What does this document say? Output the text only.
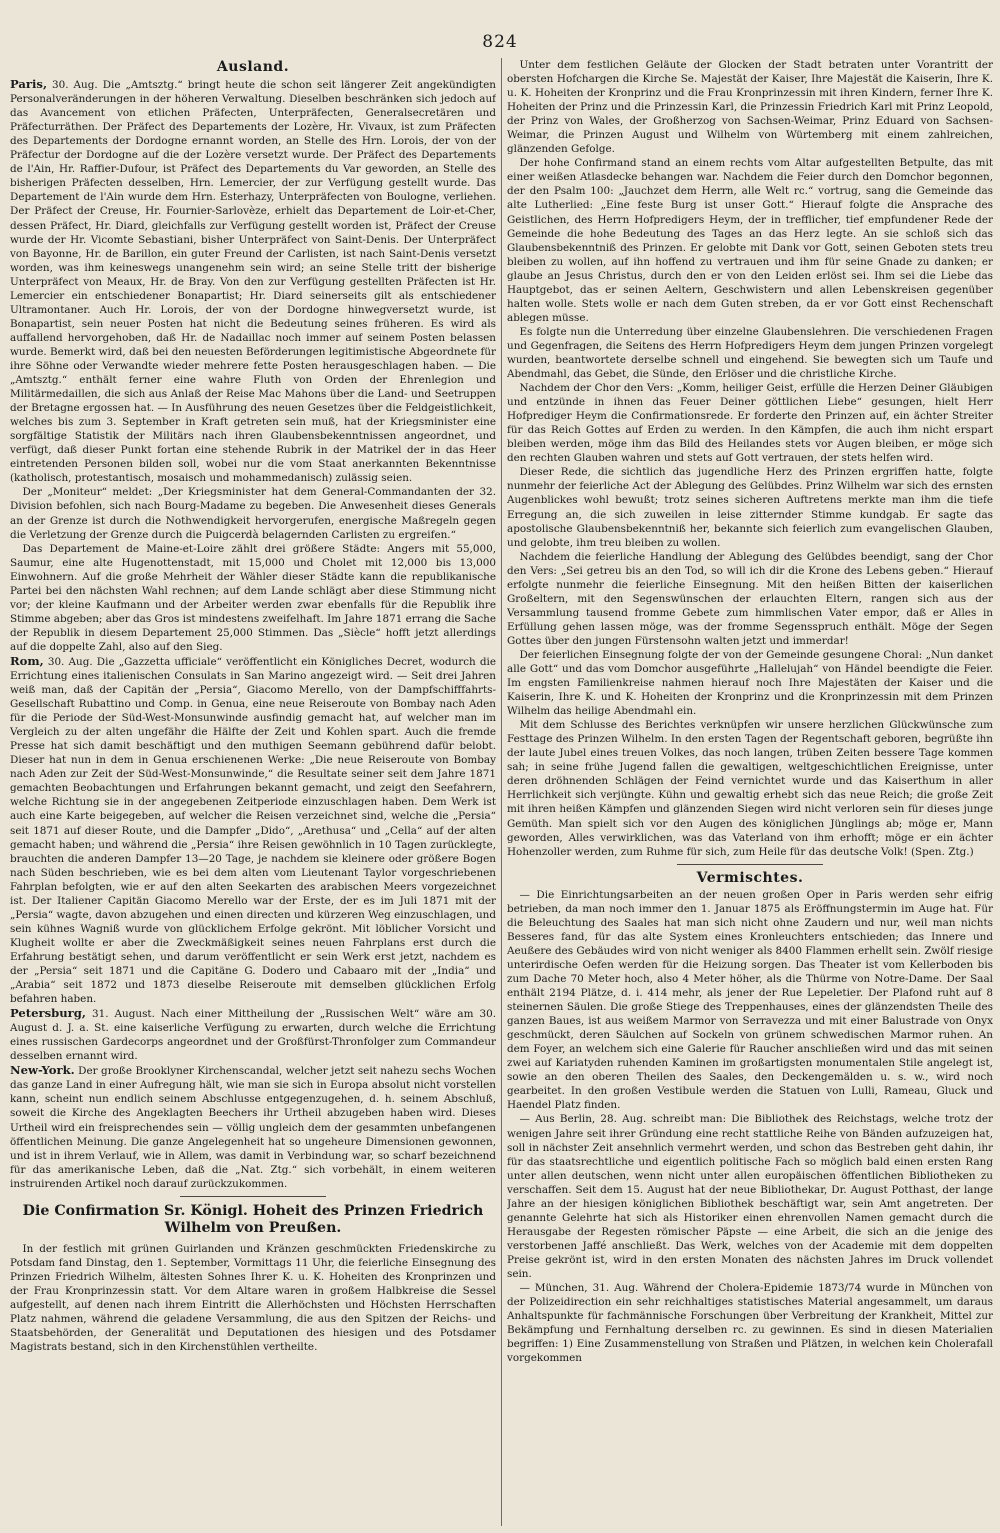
824
Ausland.

Paris, 30. Aug. Die „Amtsztg.“ bringt heute die schon seit längerer Zeit angekündigten Personalveränderungen in der höheren Verwaltung. Dieselben beschränken sich jedoch auf das Avancement von etlichen Präfecten, Unterpräfecten, Generalsecretären und Präfecturräthen. Der Präfect des Departements der Lozère, Hr. Vivaux, ist zum Präfecten des Departements der Dordogne ernannt worden, an Stelle des Hrn. Lorois, der von der Präfectur der Dordogne auf die der Lozère versetzt wurde. Der Präfect des Departements de l'Ain, Hr. Raffier-Dufour, ist Präfect des Departements du Var geworden, an Stelle des bisherigen Präfecten desselben, Hrn. Lemercier, der zur Verfügung gestellt wurde. Das Departement de l'Ain wurde dem Hrn. Esterhazy, Unterpräfecten von Boulogne, verliehen. Der Präfect der Creuse, Hr. Fournier-Sarlovèze, erhielt das Departement de Loir-et-Cher, dessen Präfect, Hr. Diard, gleichfalls zur Verfügung gestellt worden ist, Präfect der Creuse wurde der Hr. Vicomte Sebastiani, bisher Unterpräfect von Saint-Denis. Der Unterpräfect von Bayonne, Hr. de Barillon, ein guter Freund der Carlisten, ist nach Saint-Denis versetzt worden, was ihm keineswegs unangenehm sein wird; an seine Stelle tritt der bisherige Unterpräfect von Meaux, Hr. de Bray. Von den zur Verfügung gestellten Präfecten ist Hr. Lemercier ein entschiedener Bonapartist; Hr. Diard seinerseits gilt als entschiedener Ultramontaner. Auch Hr. Lorois, der von der Dordogne hinwegversetzt wurde, ist Bonapartist, sein neuer Posten hat nicht die Bedeutung seines früheren. Es wird als auffallend hervorgehoben, daß Hr. de Nadaillac noch immer auf seinem Posten belassen wurde. Bemerkt wird, daß bei den neuesten Beförderungen legitimistische Abgeordnete für ihre Söhne oder Verwandte wieder mehrere fette Posten herausgeschlagen haben. — Die „Amtsztg.“ enthält ferner eine wahre Fluth von Orden der Ehrenlegion und Militärmedaillen, die sich aus Anlaß der Reise Mac Mahons über die Land- und Seetruppen der Bretagne ergossen hat. — In Ausführung des neuen Gesetzes über die Feldgeistlichkeit, welches bis zum 3. September in Kraft getreten sein muß, hat der Kriegsminister eine sorgfältige Statistik der Militärs nach ihren Glaubensbekenntnissen angeordnet, und verfügt, daß dieser Punkt fortan eine stehende Rubrik in der Matrikel der in das Heer eintretenden Personen bilden soll, wobei nur die vom Staat anerkannten Bekenntnisse (katholisch, protestantisch, mosaisch und mohammedanisch) zulässig seien.

Der „Moniteur“ meldet: „Der Kriegsminister hat dem General-Commandanten der 32. Division befohlen, sich nach Bourg-Madame zu begeben. Die Anwesenheit dieses Generals an der Grenze ist durch die Nothwendigkeit hervorgerufen, energische Maßregeln gegen die Verletzung der Grenze durch die Puigcerdà belagernden Carlisten zu ergreifen.“

Das Departement de Maine-et-Loire zählt drei größere Städte: Angers mit 55,000, Saumur, eine alte Hugenottenstadt, mit 15,000 und Cholet mit 12,000 bis 13,000 Einwohnern. Auf die große Mehrheit der Wähler dieser Städte kann die republikanische Partei bei den nächsten Wahl rechnen; auf dem Lande schlägt aber diese Stimmung nicht vor; der kleine Kaufmann und der Arbeiter werden zwar ebenfalls für die Republik ihre Stimme abgeben; aber das Gros ist mindestens zweifelhaft. Im Jahre 1871 errang die Sache der Republik in diesem Departement 25,000 Stimmen. Das „Siècle“ hofft jetzt allerdings auf die doppelte Zahl, also auf den Sieg.

Rom, 30. Aug. Die „Gazzetta ufficiale“ veröffentlicht ein Königliches Decret, wodurch die Errichtung eines italienischen Consulats in San Marino angezeigt wird. — Seit drei Jahren weiß man, daß der Capitän der „Persia“, Giacomo Merello, von der Dampfschifffahrts-Gesellschaft Rubattino und Comp. in Genua, eine neue Reiseroute von Bombay nach Aden für die Periode der Süd-West-Monsunwinde ausfindig gemacht hat, auf welcher man im Vergleich zu der alten ungefähr die Hälfte der Zeit und Kohlen spart. Auch die fremde Presse hat sich damit beschäftigt und den muthigen Seemann gebührend dafür belobt. Dieser hat nun in dem in Genua erschienenen Werke: „Die neue Reiseroute von Bombay nach Aden zur Zeit der Süd-West-Monsunwinde,“ die Resultate seiner seit dem Jahre 1871 gemachten Beobachtungen und Erfahrungen bekannt gemacht, und zeigt den Seefahrern, welche Richtung sie in der angegebenen Zeitperiode einzuschlagen haben. Dem Werk ist auch eine Karte beigegeben, auf welcher die Reisen verzeichnet sind, welche die „Persia“ seit 1871 auf dieser Route, und die Dampfer „Dido“, „Arethusa“ und „Cella“ auf der alten gemacht haben; und während die „Persia“ ihre Reisen gewöhnlich in 10 Tagen zurücklegte, brauchten die anderen Dampfer 13—20 Tage, je nachdem sie kleinere oder größere Bogen nach Süden beschrieben, wie es bei dem alten vom Lieutenant Taylor vorgeschriebenen Fahrplan befolgten, wie er auf den alten Seekarten des arabischen Meers vorgezeichnet ist. Der Italiener Capitän Giacomo Merello war der Erste, der es im Juli 1871 mit der „Persia“ wagte, davon abzugehen und einen directen und kürzeren Weg einzuschlagen, und sein kühnes Wagniß wurde von glücklichem Erfolge gekrönt. Mit löblicher Vorsicht und Klugheit wollte er aber die Zweckmäßigkeit seines neuen Fahrplans erst durch die Erfahrung bestätigt sehen, und darum veröffentlicht er sein Werk erst jetzt, nachdem es der „Persia“ seit 1871 und die Capitäne G. Dodero und Cabaaro mit der „India“ und „Arabia“ seit 1872 und 1873 dieselbe Reiseroute mit demselben glücklichen Erfolg befahren haben.

Petersburg, 31. August. Nach einer Mittheilung der „Russischen Welt“ wäre am 30. August d. J. a. St. eine kaiserliche Verfügung zu erwarten, durch welche die Errichtung eines russischen Gardecorps angeordnet und der Großfürst-Thronfolger zum Commandeur desselben ernannt wird.

New-York. Der große Brooklyner Kirchenscandal, welcher jetzt seit nahezu sechs Wochen das ganze Land in einer Aufregung hält, wie man sie sich in Europa absolut nicht vorstellen kann, scheint nun endlich seinem Abschlusse entgegenzugehen, d. h. seinem Abschluß, soweit die Kirche des Angeklagten Beechers ihr Urtheil abzugeben haben wird. Dieses Urtheil wird ein freisprechendes sein — völlig ungleich dem der gesammten unbefangenen öffentlichen Meinung. Die ganze Angelegenheit hat so ungeheure Dimensionen gewonnen, und ist in ihrem Verlauf, wie in Allem, was damit in Verbindung war, so scharf bezeichnend für das amerikanische Leben, daß die „Nat. Ztg.“ sich vorbehält, in einem weiteren instruirenden Artikel noch darauf zurückzukommen.

Die Confirmation Sr. Königl. Hoheit des Prinzen Friedrich
Wilhelm von Preußen.

In der festlich mit grünen Guirlanden und Kränzen geschmückten Friedenskirche zu Potsdam fand Dinstag, den 1. September, Vormittags 11 Uhr, die feierliche Einsegnung des Prinzen Friedrich Wilhelm, ältesten Sohnes Ihrer K. u. K. Hoheiten des Kronprinzen und der Frau Kronprinzessin statt. Vor dem Altare waren in großem Halbkreise die Sessel aufgestellt, auf denen nach ihrem Eintritt die Allerhöchsten und Höchsten Herrschaften Platz nahmen, während die geladene Versammlung, die aus den Spitzen der Reichs- und Staatsbehörden, der Generalität und Deputationen des hiesigen und des Potsdamer Magistrats bestand, sich in den Kirchenstühlen vertheilte.

Unter dem festlichen Geläute der Glocken der Stadt betraten unter Vorantritt der obersten Hofchargen die Kirche Se. Majestät der Kaiser, Ihre Majestät die Kaiserin, Ihre K. u. K. Hoheiten der Kronprinz und die Frau Kronprinzessin mit ihren Kindern, ferner Ihre K. Hoheiten der Prinz und die Prinzessin Karl, die Prinzessin Friedrich Karl mit Prinz Leopold, der Prinz von Wales, der Großherzog von Sachsen-Weimar, Prinz Eduard von Sachsen-Weimar, die Prinzen August und Wilhelm von Würtemberg mit einem zahlreichen, glänzenden Gefolge.

Der hohe Confirmand stand an einem rechts vom Altar aufgestellten Betpulte, das mit einer weißen Atlasdecke behangen war. Nachdem die Feier durch den Domchor begonnen, der den Psalm 100: „Jauchzet dem Herrn, alle Welt rc.“ vortrug, sang die Gemeinde das alte Lutherlied: „Eine feste Burg ist unser Gott.“ Hierauf folgte die Ansprache des Geistlichen, des Herrn Hofpredigers Heym, der in trefflicher, tief empfundener Rede der Gemeinde die hohe Bedeutung des Tages an das Herz legte. An sie schloß sich das Glaubensbekenntniß des Prinzen. Er gelobte mit Dank vor Gott, seinen Geboten stets treu bleiben zu wollen, auf ihn hoffend zu vertrauen und ihm für seine Gnade zu danken; er glaube an Jesus Christus, durch den er von den Leiden erlöst sei. Ihm sei die Liebe das Hauptgebot, das er seinen Aeltern, Geschwistern und allen Lebenskreisen gegenüber halten wolle. Stets wolle er nach dem Guten streben, da er vor Gott einst Rechenschaft ablegen müsse.

Es folgte nun die Unterredung über einzelne Glaubenslehren. Die verschiedenen Fragen und Gegenfragen, die Seitens des Herrn Hofpredigers Heym dem jungen Prinzen vorgelegt wurden, beantwortete derselbe schnell und eingehend. Sie bewegten sich um Taufe und Abendmahl, das Gebet, die Sünde, den Erlöser und die christliche Kirche.

Nachdem der Chor den Vers: „Komm, heiliger Geist, erfülle die Herzen Deiner Gläubigen und entzünde in ihnen das Feuer Deiner göttlichen Liebe“ gesungen, hielt Herr Hofprediger Heym die Confirmationsrede. Er forderte den Prinzen auf, ein ächter Streiter für das Reich Gottes auf Erden zu werden. In den Kämpfen, die auch ihm nicht erspart bleiben werden, möge ihm das Bild des Heilandes stets vor Augen bleiben, er möge sich den rechten Glauben wahren und stets auf Gott vertrauen, der stets helfen wird.

Dieser Rede, die sichtlich das jugendliche Herz des Prinzen ergriffen hatte, folgte nunmehr der feierliche Act der Ablegung des Gelübdes. Prinz Wilhelm war sich des ernsten Augenblickes wohl bewußt; trotz seines sicheren Auftretens merkte man ihm die tiefe Erregung an, die sich zuweilen in leise zitternder Stimme kundgab. Er sagte das apostolische Glaubensbekenntniß her, bekannte sich feierlich zum evangelischen Glauben, und gelobte, ihm treu bleiben zu wollen.

Nachdem die feierliche Handlung der Ablegung des Gelübdes beendigt, sang der Chor den Vers: „Sei getreu bis an den Tod, so will ich dir die Krone des Lebens geben.“ Hierauf erfolgte nunmehr die feierliche Einsegnung. Mit den heißen Bitten der kaiserlichen Großeltern, mit den Segenswünschen der erlauchten Eltern, rangen sich aus der Versammlung tausend fromme Gebete zum himmlischen Vater empor, daß er Alles in Erfüllung gehen lassen möge, was der fromme Segensspruch enthält. Möge der Segen Gottes über den jungen Fürstensohn walten jetzt und immerdar!

Der feierlichen Einsegnung folgte der von der Gemeinde gesungene Choral: „Nun danket alle Gott“ und das vom Domchor ausgeführte „Hallelujah“ von Händel beendigte die Feier. Im engsten Familienkreise nahmen hierauf noch Ihre Majestäten der Kaiser und die Kaiserin, Ihre K. und K. Hoheiten der Kronprinz und die Kronprinzessin mit dem Prinzen Wilhelm das heilige Abendmahl ein.

Mit dem Schlusse des Berichtes verknüpfen wir unsere herzlichen Glückwünsche zum Festtage des Prinzen Wilhelm. In den ersten Tagen der Regentschaft geboren, begrüßte ihn der laute Jubel eines treuen Volkes, das noch langen, trüben Zeiten bessere Tage kommen sah; in seine frühe Jugend fallen die gewaltigen, weltgeschichtlichen Ereignisse, unter deren dröhnenden Schlägen der Feind vernichtet wurde und das Kaiserthum in aller Herrlichkeit sich verjüngte. Kühn und gewaltig erhebt sich das neue Reich; die große Zeit mit ihren heißen Kämpfen und glänzenden Siegen wird nicht verloren sein für dieses junge Gemüth. Man spielt sich vor den Augen des königlichen Jünglings ab; möge er, Mann geworden, Alles verwirklichen, was das Vaterland von ihm erhofft; möge er ein ächter Hohenzoller werden, zum Ruhme für sich, zum Heile für das deutsche Volk! (Spen. Ztg.)

Vermischtes.

— Die Einrichtungsarbeiten an der neuen großen Oper in Paris werden sehr eifrig betrieben, da man noch immer den 1. Januar 1875 als Eröffnungstermin im Auge hat. Für die Beleuchtung des Saales hat man sich nicht ohne Zaudern und nur, weil man nichts Besseres fand, für das alte System eines Kronleuchters entschieden; das Innere und Aeußere des Gebäudes wird von nicht weniger als 8400 Flammen erhellt sein. Zwölf riesige unterirdische Oefen werden für die Heizung sorgen. Das Theater ist vom Kellerboden bis zum Dache 70 Meter hoch, also 4 Meter höher, als die Thürme von Notre-Dame. Der Saal enthält 2194 Plätze, d. i. 414 mehr, als jener der Rue Lepeletier. Der Plafond ruht auf 8 steinernen Säulen. Die große Stiege des Treppenhauses, eines der glänzendsten Theile des ganzen Baues, ist aus weißem Marmor von Serravezza und mit einer Balustrade von Onyx geschmückt, deren Säulchen auf Sockeln von grünem schwedischen Marmor ruhen. An dem Foyer, an welchem sich eine Galerie für Raucher anschließen wird und das mit seinen zwei auf Kariatyden ruhenden Kaminen im großartigsten monumentalen Stile angelegt ist, sowie an den oberen Theilen des Saales, den Deckengemälden u. s. w., wird noch gearbeitet. In den großen Vestibule werden die Statuen von Lulli, Rameau, Gluck und Haendel Platz finden.

— Aus Berlin, 28. Aug. schreibt man: Die Bibliothek des Reichstags, welche trotz der wenigen Jahre seit ihrer Gründung eine recht stattliche Reihe von Bänden aufzuzeigen hat, soll in nächster Zeit ansehnlich vermehrt werden, und schon das Bestreben geht dahin, ihr für das staatsrechtliche und eigentlich politische Fach so möglich bald einen ersten Rang unter allen deutschen, wenn nicht unter allen europäischen öffentlichen Bibliotheken zu verschaffen. Seit dem 15. August hat der neue Bibliothekar, Dr. August Potthast, der lange Jahre an der hiesigen königlichen Bibliothek beschäftigt war, sein Amt angetreten. Der genannte Gelehrte hat sich als Historiker einen ehrenvollen Namen gemacht durch die Herausgabe der Regesten römischer Päpste — eine Arbeit, die sich an die jenige des verstorbenen Jaffé anschließt. Das Werk, welches von der Academie mit dem doppelten Preise gekrönt ist, wird in den ersten Monaten des nächsten Jahres im Druck vollendet sein.

— München, 31. Aug. Während der Cholera-Epidemie 1873/74 wurde in München von der Polizeidirection ein sehr reichhaltiges statistisches Material angesammelt, um daraus Anhaltspunkte für fachmännische Forschungen über Verbreitung der Krankheit, Mittel zur Bekämpfung und Fernhaltung derselben rc. zu gewinnen. Es sind in diesen Materialien begriffen: 1) Eine Zusammenstellung von Straßen und Plätzen, in welchen kein Cholerafall vorgekommen
